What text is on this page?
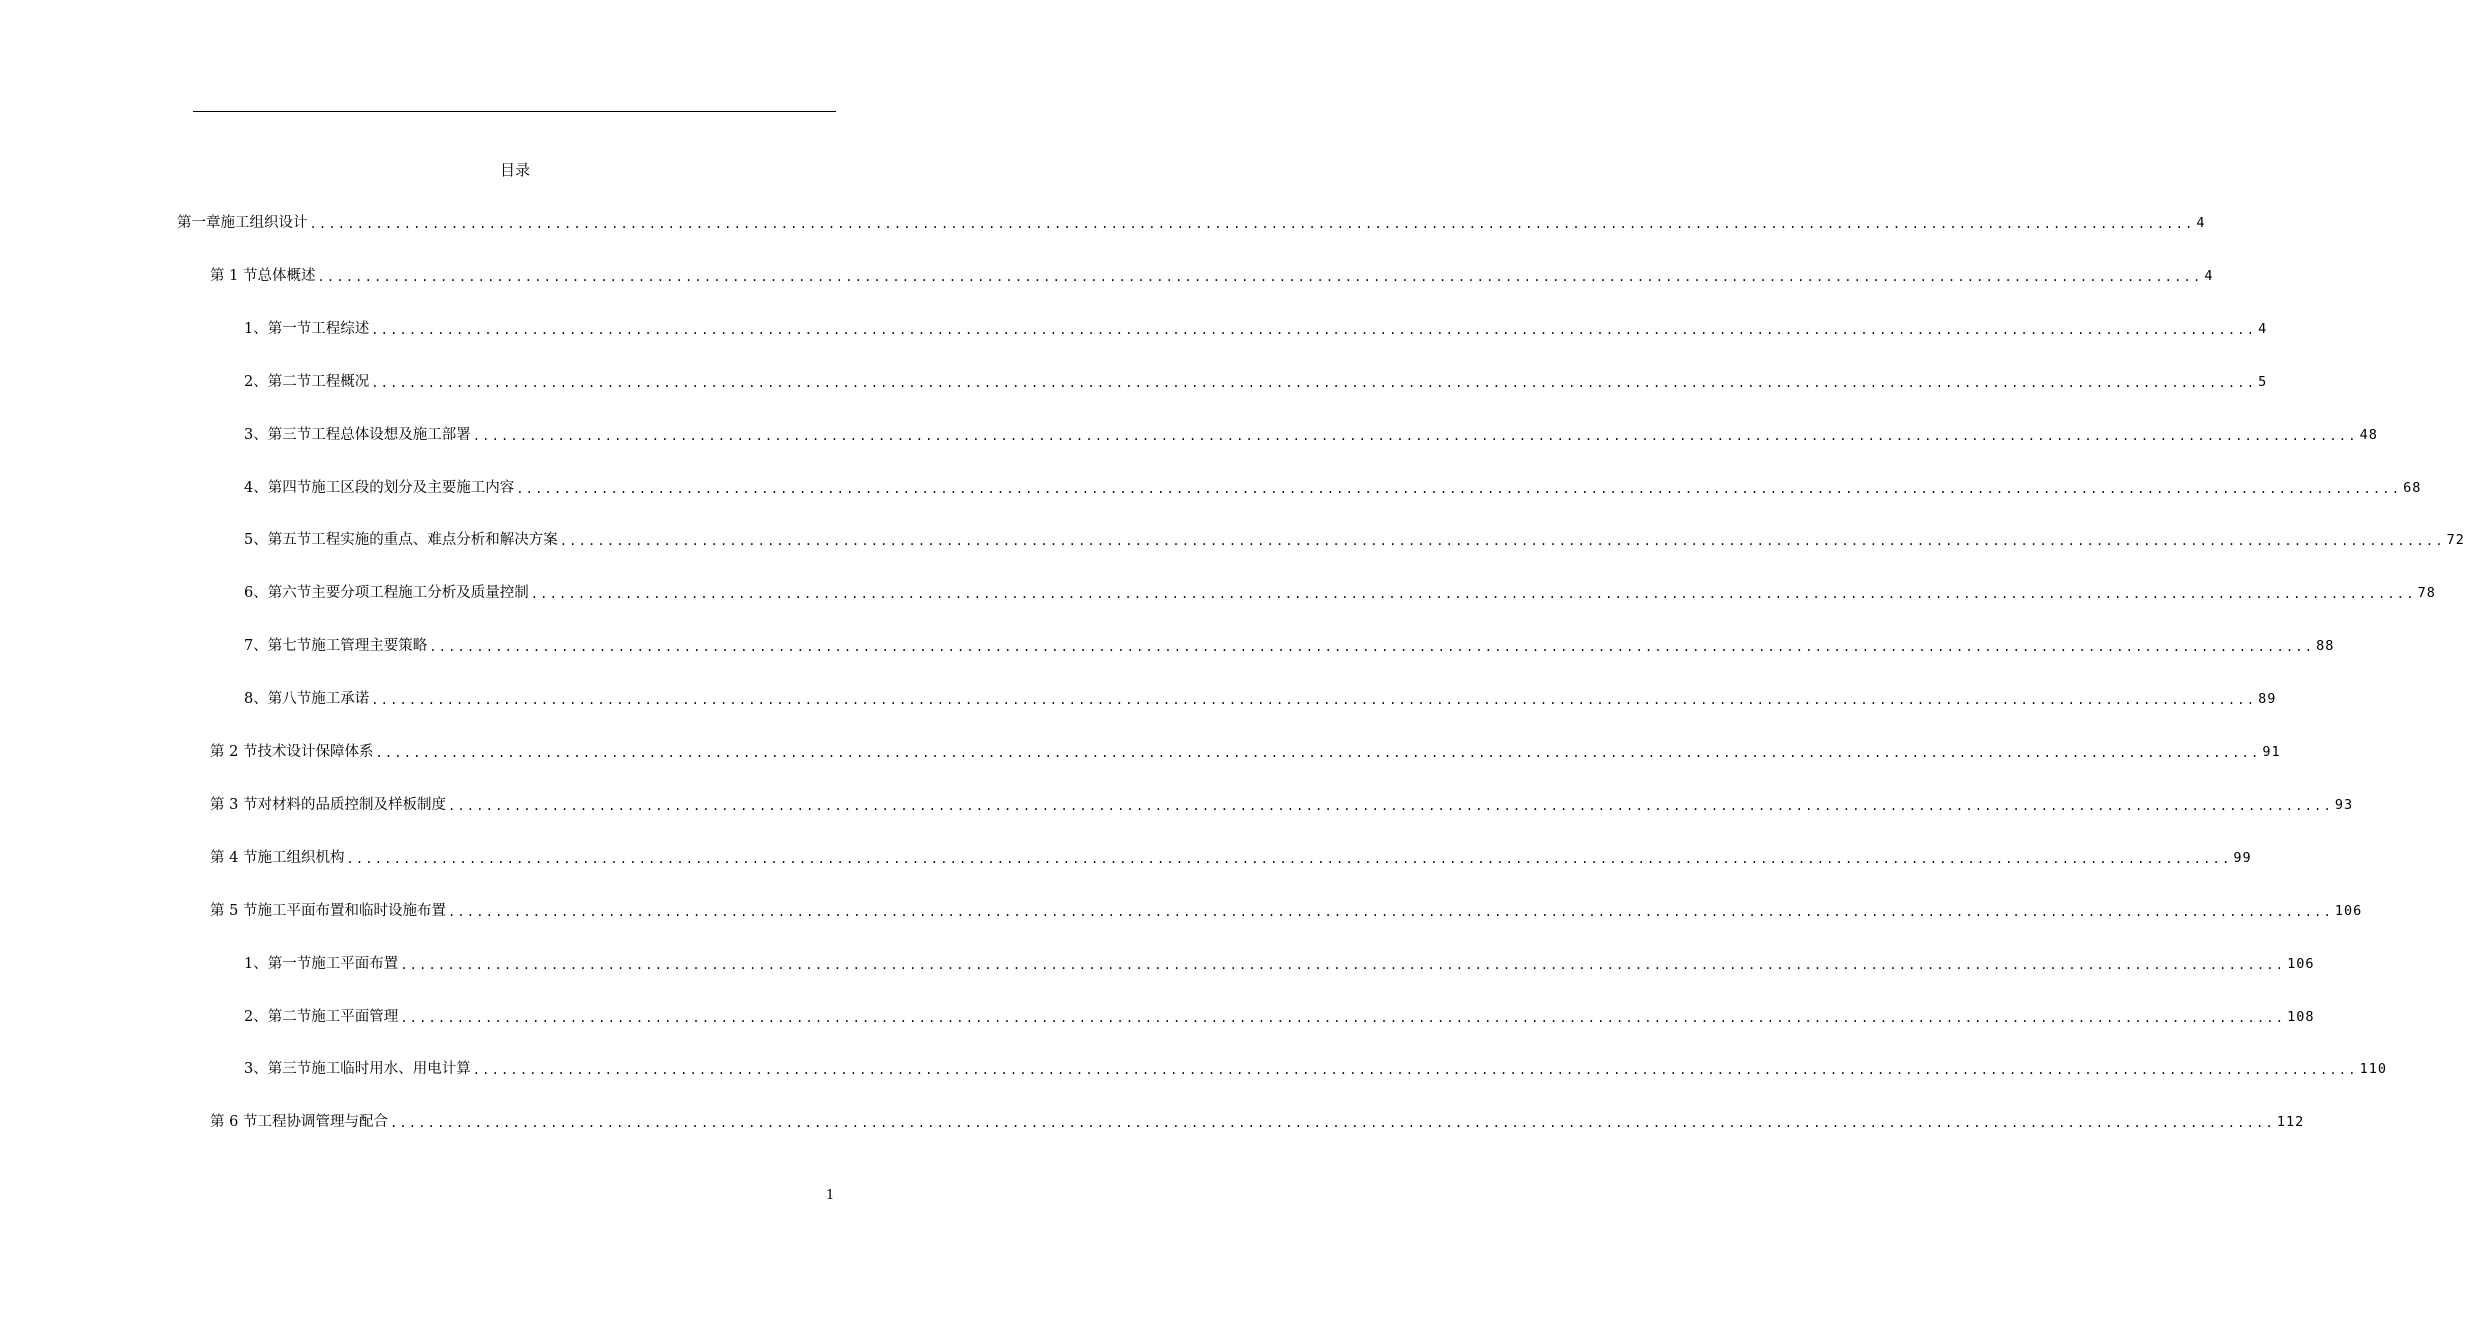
目录
第一章 施工组织设计 ........................................................................................................................................................................................................ 4
第 1 节 总体概述 ........................................................................................................................................................................................................ 4
1、 第一节工程综述 ........................................................................................................................................................................................................ 4
2、 第二节工程概况 ........................................................................................................................................................................................................ 5
3、 第三节工程总体设想及施工部署 ........................................................................................................................................................................................................ 48
4、 第四节施工区段的划分及主要施工内容 ........................................................................................................................................................................................................ 68
5、 第五节工程实施的重点、难点分析和解决方案 ........................................................................................................................................................................................................ 72
6、 第六节主要分项工程施工分析及质量控制 ........................................................................................................................................................................................................ 78
7、 第七节施工管理主要策略 ........................................................................................................................................................................................................ 88
8、 第八节施工承诺 ........................................................................................................................................................................................................ 89
第 2 节 技术设计保障体系 ........................................................................................................................................................................................................ 91
第 3 节 对材料的品质控制及样板制度 ........................................................................................................................................................................................................ 93
第 4 节 施工组织机构 ........................................................................................................................................................................................................ 99
第 5 节 施工平面布置和临时设施布置 ........................................................................................................................................................................................................ 106
1、 第一节施工平面布置 ........................................................................................................................................................................................................ 106
2、 第二节施工平面管理 ........................................................................................................................................................................................................ 108
3、 第三节施工临时用水、用电计算 ........................................................................................................................................................................................................ 110
第 6 节 工程协调管理与配合 ........................................................................................................................................................................................................ 112
1
